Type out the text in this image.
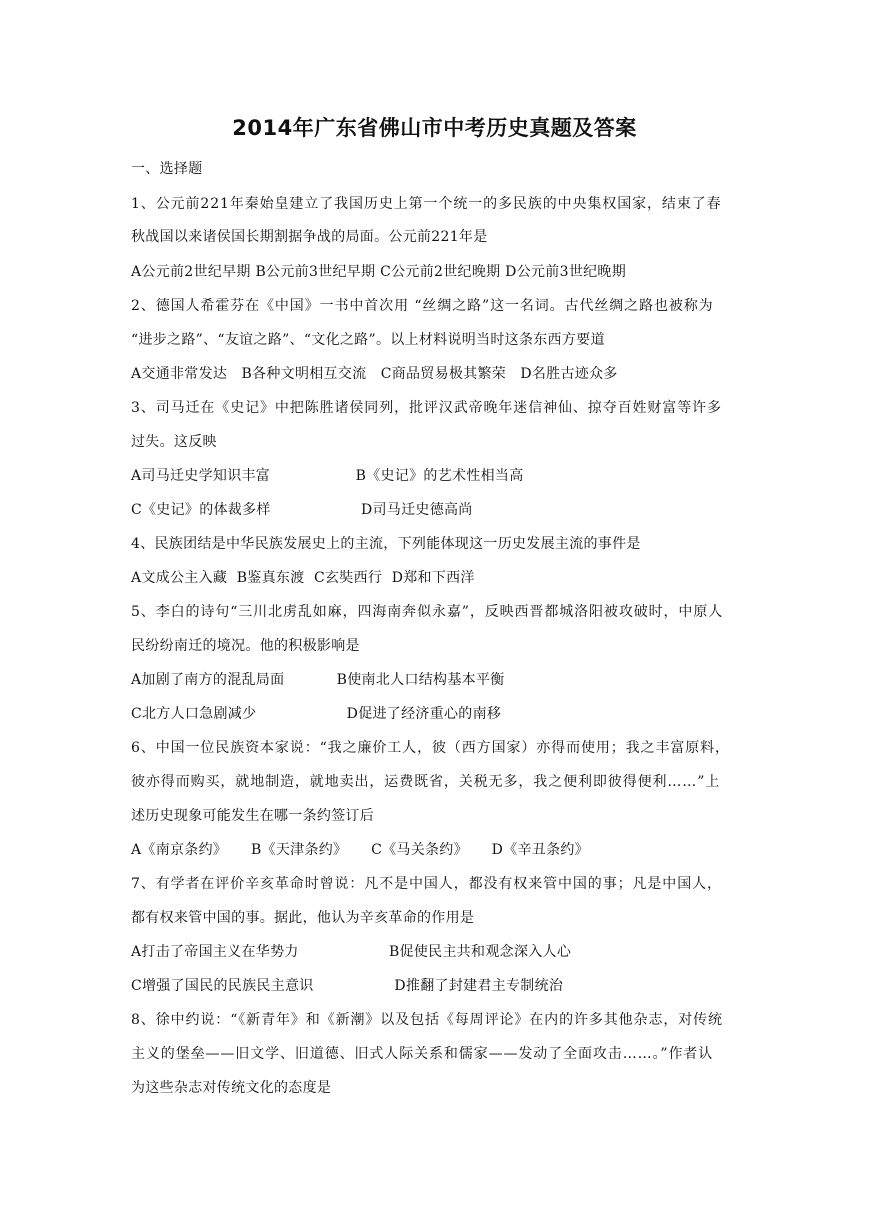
2014年广东省佛山市中考历史真题及答案
一、选择题
1、公元前221年秦始皇建立了我国历史上第一个统一的多民族的中央集权国家，结束了春
秋战国以来诸侯国长期割据争战的局面。公元前221年是
A公元前2世纪早期 B公元前3世纪早期 C公元前2世纪晚期 D公元前3世纪晚期
2、德国人希霍芬在《中国》一书中首次用 “丝绸之路”这一名词。古代丝绸之路也被称为
“进步之路”、“友谊之路”、“文化之路”。以上材料说明当时这条东西方要道
A交通非常发达   B各种文明相互交流   C商品贸易极其繁荣   D名胜古迹众多
3、司马迁在《史记》中把陈胜诸侯同列，批评汉武帝晚年迷信神仙、掠夺百姓财富等许多
过失。这反映
A司马迁史学知识丰富                  B《史记》的艺术性相当高
C《史记》的体裁多样                   D司马迁史德高尚
4、民族团结是中华民族发展史上的主流，下列能体现这一历史发展主流的事件是
A文成公主入藏  B鉴真东渡  C玄奘西行  D郑和下西洋
5、李白的诗句“三川北虏乱如麻，四海南奔似永嘉”，反映西晋都城洛阳被攻破时，中原人
民纷纷南迁的境况。他的积极影响是
A加剧了南方的混乱局面           B使南北人口结构基本平衡
C北方人口急剧减少                   D促进了经济重心的南移
6、中国一位民族资本家说：“我之廉价工人，彼（西方国家）亦得而使用；我之丰富原料，
彼亦得而购买，就地制造，就地卖出，运费既省，关税无多，我之便利即彼得便利……”上
述历史现象可能发生在哪一条约签订后
A《南京条约》     B《天津条约》     C《马关条约》     D《辛丑条约》
7、有学者在评价辛亥革命时曾说：凡不是中国人，都没有权来管中国的事；凡是中国人，
都有权来管中国的事。据此，他认为辛亥革命的作用是
A打击了帝国主义在华势力                   B促使民主共和观念深入人心
C增强了国民的民族民主意识                 D推翻了封建君主专制统治
8、徐中约说：“《新青年》和《新潮》以及包括《每周评论》在内的许多其他杂志，对传统
主义的堡垒——旧文学、旧道德、旧式人际关系和儒家——发动了全面攻击……。”作者认
为这些杂志对传统文化的态度是
